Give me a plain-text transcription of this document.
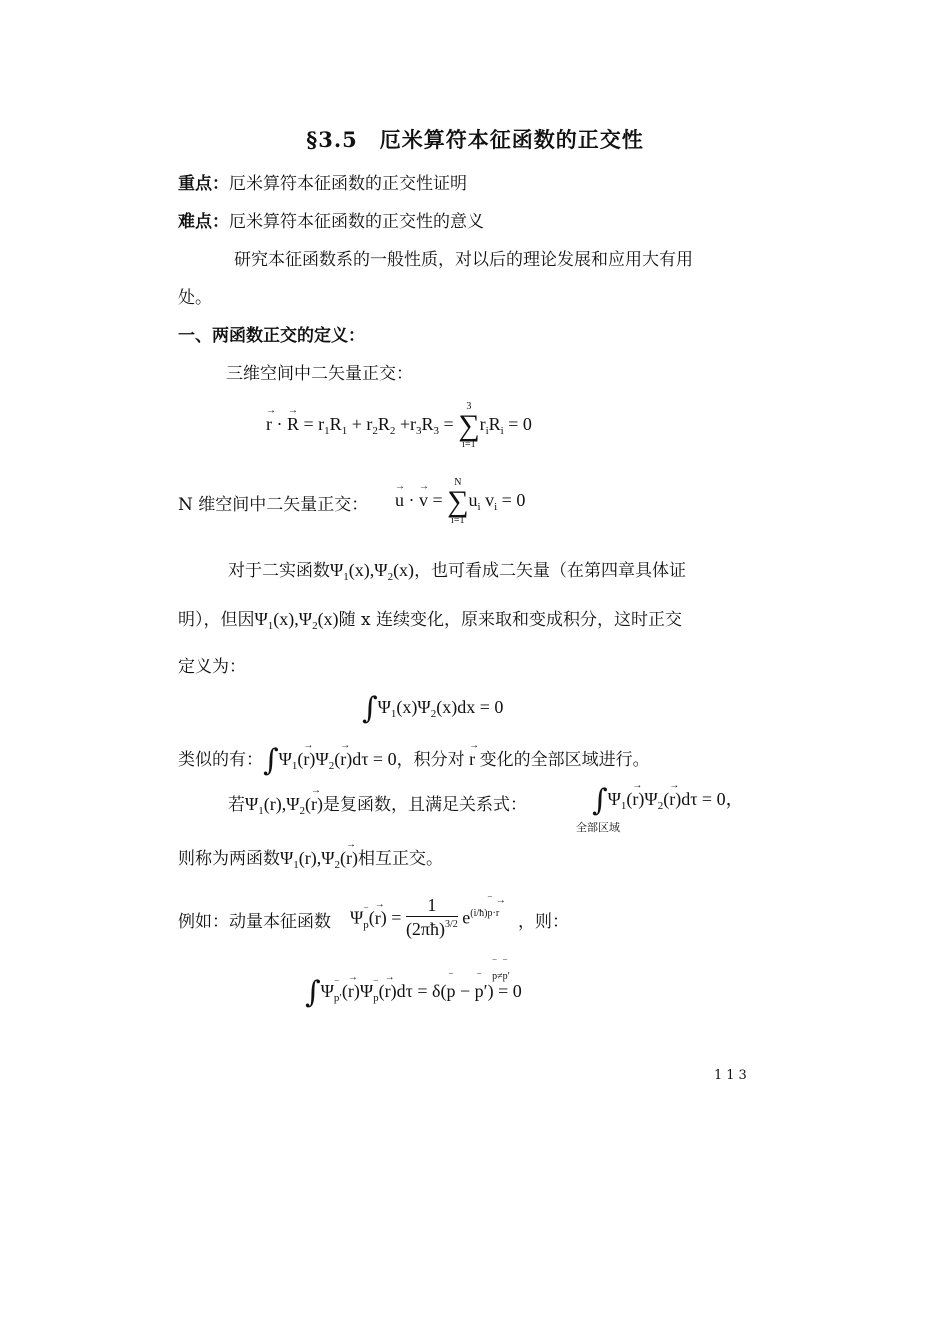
§3.5　厄米算符本征函数的正交性
重点：厄米算符本征函数的正交性证明
难点：厄米算符本征函数的正交性的意义
研究本征函数系的一般性质，对以后的理论发展和应用大有用
处。
一、两函数正交的定义：
三维空间中二矢量正交：
→ r · → $R = r_1R_1 + r_2R_2 +r_3R_3$ =
3
∑
i=1
$r_iR_i = 0$
N 维空间中二矢量正交： → u · → v =
N
∑
i=1
$u_i$ $v_i = 0$
对于二实函数$\Psi_1(x),\Psi_2(x)$，也可看成二矢量（在第四章具体证
明），但因$\Psi_1(x),\Psi_2(x)$随 x 连续变化，原来取和变成积分，这时正交
定义为：
$\int\Psi_1(x)\Psi_2(x)dx = 0$
类似的有：$\int\Psi_1(\to r)\Psi_2(\to r)d\tau = 0$，积分对 → r 变化的全部区域进行。
若$\Psi_1(r),\Psi_2(\to r)$是复函数，且满足关系式： $\int\Psi_1(\to r)\Psi_2(\to r)d\tau = 0$，
全部区域
则称为两函数$\Psi_1(r),\Psi_2(\to r)$相互正交。
例如：动量本征函数 Ψ‾ $_p(\to r) = \frac{1}{(2\pi ħ)^{3/2}} e^{(i/ħ)‾ p\cdot\to r}$ ，则：
∫Ψ‾ $_{p'}$(→ r)Ψ‾ $_p$(→ r)dτ = δ(‾ p − ‾ p′)
‾ p≠‾ p′
= 0
113
